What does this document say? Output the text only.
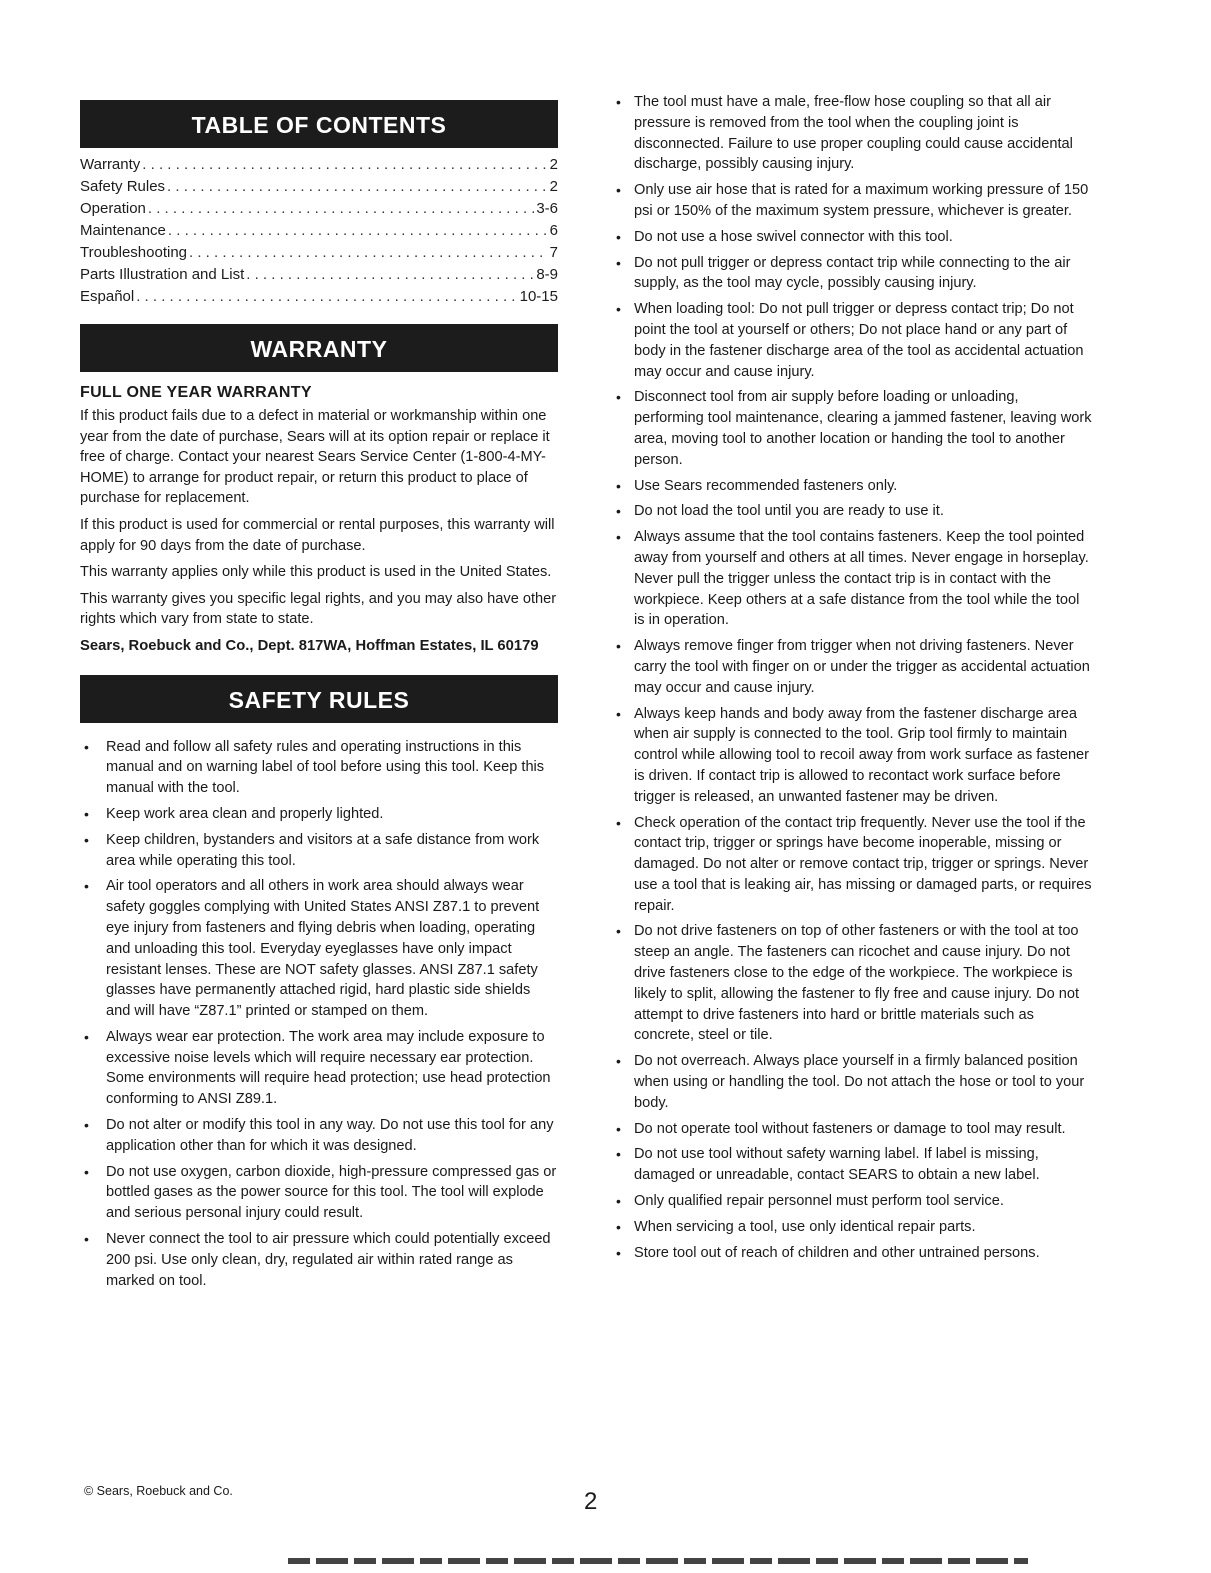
TABLE OF CONTENTS
Warranty . . .	2
Safety Rules . . .	2
Operation . . .	3-6
Maintenance . . .	6
Troubleshooting . . .	7
Parts Illustration and List . . .	8-9
Español . . .	10-15
WARRANTY
FULL ONE YEAR WARRANTY

If this product fails due to a defect in material or workmanship within one year from the date of purchase, Sears will at its option repair or replace it free of charge. Contact your nearest Sears Service Center (1-800-4-MY-HOME) to arrange for product repair, or return this product to place of purchase for replacement.

If this product is used for commercial or rental purposes, this warranty will apply for 90 days from the date of purchase.

This warranty applies only while this product is used in the United States.

This warranty gives you specific legal rights, and you may also have other rights which vary from state to state.

Sears, Roebuck and Co., Dept. 817WA, Hoffman Estates, IL 60179

SAFETY RULES
• Read and follow all safety rules and operating instructions in this manual and on warning label of tool before using this tool. Keep this manual with the tool.
• Keep work area clean and properly lighted.
• Keep children, bystanders and visitors at a safe distance from work area while operating this tool.
• Air tool operators and all others in work area should always wear safety goggles complying with United States ANSI Z87.1 to prevent eye injury from fasteners and flying debris when loading, operating and unloading this tool. Everyday eyeglasses have only impact resistant lenses. These are NOT safety glasses. ANSI Z87.1 safety glasses have permanently attached rigid, hard plastic side shields and will have “Z87.1” printed or stamped on them.
• Always wear ear protection. The work area may include exposure to excessive noise levels which will require necessary ear protection. Some environments will require head protection; use head protection conforming to ANSI Z89.1.
• Do not alter or modify this tool in any way. Do not use this tool for any application other than for which it was designed.
• Do not use oxygen, carbon dioxide, high-pressure compressed gas or bottled gases as the power source for this tool. The tool will explode and serious personal injury could result.
• Never connect the tool to air pressure which could potentially exceed 200 psi. Use only clean, dry, regulated air within rated range as marked on tool.
• The tool must have a male, free-flow hose coupling so that all air pressure is removed from the tool when the coupling joint is disconnected. Failure to use proper coupling could cause accidental discharge, possibly causing injury.
• Only use air hose that is rated for a maximum working pressure of 150 psi or 150% of the maximum system pressure, whichever is greater.
• Do not use a hose swivel connector with this tool.
• Do not pull trigger or depress contact trip while connecting to the air supply, as the tool may cycle, possibly causing injury.
• When loading tool: Do not pull trigger or depress contact trip; Do not point the tool at yourself or others; Do not place hand or any part of body in the fastener discharge area of the tool as accidental actuation may occur and cause injury.
• Disconnect tool from air supply before loading or unloading, performing tool maintenance, clearing a jammed fastener, leaving work area, moving tool to another location or handing the tool to another person.
• Use Sears recommended fasteners only.
• Do not load the tool until you are ready to use it.
• Always assume that the tool contains fasteners. Keep the tool pointed away from yourself and others at all times. Never engage in horseplay. Never pull the trigger unless the contact trip is in contact with the workpiece. Keep others at a safe distance from the tool while the tool is in operation.
• Always remove finger from trigger when not driving fasteners. Never carry the tool with finger on or under the trigger as accidental actuation may occur and cause injury.
• Always keep hands and body away from the fastener discharge area when air supply is connected to the tool. Grip tool firmly to maintain control while allowing tool to recoil away from work surface as fastener is driven. If contact trip is allowed to recontact work surface before trigger is released, an unwanted fastener may be driven.
• Check operation of the contact trip frequently. Never use the tool if the contact trip, trigger or springs have become inoperable, missing or damaged. Do not alter or remove contact trip, trigger or springs. Never use a tool that is leaking air, has missing or damaged parts, or requires repair.
• Do not drive fasteners on top of other fasteners or with the tool at too steep an angle. The fasteners can ricochet and cause injury. Do not drive fasteners close to the edge of the workpiece. The workpiece is likely to split, allowing the fastener to fly free and cause injury. Do not attempt to drive fasteners into hard or brittle materials such as concrete, steel or tile.
• Do not overreach. Always place yourself in a firmly balanced position when using or handling the tool. Do not attach the hose or tool to your body.
• Do not operate tool without fasteners or damage to tool may result.
• Do not use tool without safety warning label. If label is missing, damaged or unreadable, contact SEARS to obtain a new label.
• Only qualified repair personnel must perform tool service.
• When servicing a tool, use only identical repair parts.
• Store tool out of reach of children and other untrained persons.
© Sears, Roebuck and Co.	2
